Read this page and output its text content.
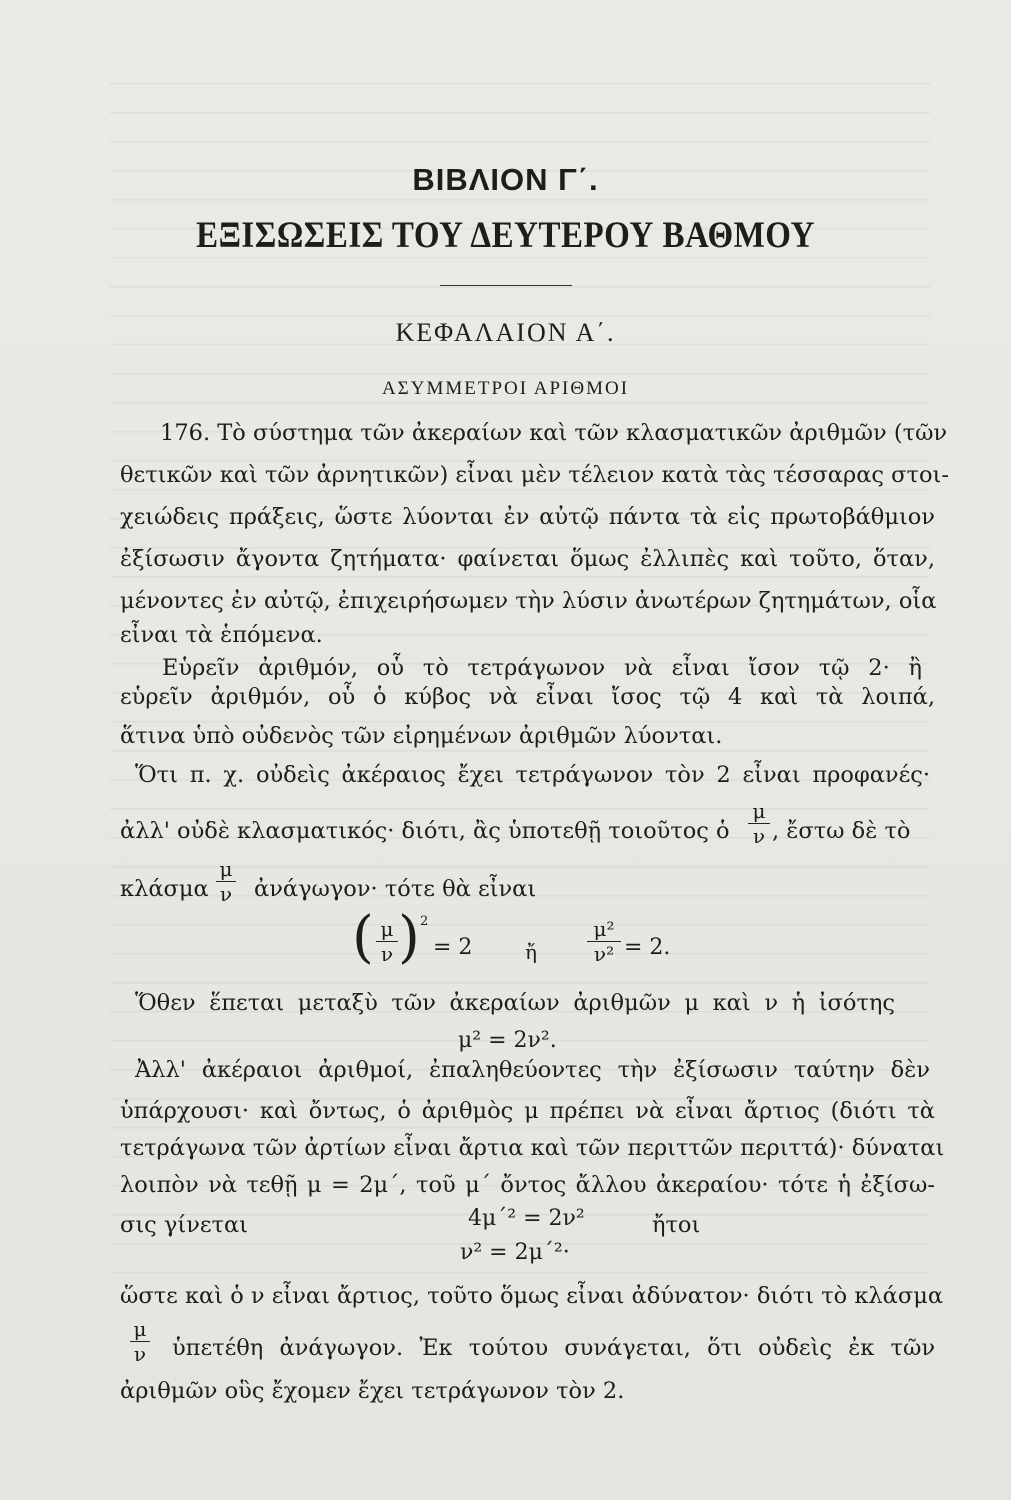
ΒΙΒΛΙΟΝ Γ΄.
ΕΞΙΣΩΣΕΙΣ ΤΟΥ ΔΕΥΤΕΡΟΥ ΒΑΘΜΟΥ
ΚΕΦΑΛΑΙΟΝ Α΄.
ΑΣΥΜΜΕΤΡΟΙ ΑΡΙΘΜΟΙ
176. Τὸ σύστημα τῶν ἀκεραίων καὶ τῶν κλασματικῶν ἀριθμῶν (τῶν
θετικῶν καὶ τῶν ἀρνητικῶν) εἶναι μὲν τέλειον κατὰ τὰς τέσσαρας στοι-
χειώδεις πράξεις, ὥστε λύονται ἐν αὐτῷ πάντα τὰ εἰς πρωτοβάθμιον
ἐξίσωσιν ἄγοντα ζητήματα· φαίνεται ὅμως ἐλλιπὲς καὶ τοῦτο, ὅταν,
μένοντες ἐν αὐτῷ, ἐπιχειρήσωμεν τὴν λύσιν ἀνωτέρων ζητημάτων, οἷα
εἶναι τὰ ἑπόμενα.
Εὑρεῖν ἀριθμόν, οὗ τὸ τετράγωνον νὰ εἶναι ἴσον τῷ 2· ἢ
εὑρεῖν ἀριθμόν, οὗ ὁ κύβος νὰ εἶναι ἴσος τῷ 4 καὶ τὰ λοιπά,
ἅτινα ὑπὸ οὐδενὸς τῶν εἰρημένων ἀριθμῶν λύονται.
Ὅτι π. χ. οὐδεὶς ἀκέραιος ἔχει τετράγωνον τὸν 2 εἶναι προφανές·
ἀλλ' οὐδὲ κλασματικός· διότι, ἂς ὑποτεθῇ τοιοῦτος ὁ
μ
ν , ἔστω δὲ τὸ
κλάσμα
μ
ν ἀνάγωγον· τότε θὰ εἶναι
( μ
ν ) 2
= 2	ἤ
μ²
ν² = 2.
Ὅθεν ἕπεται μεταξὺ τῶν ἀκεραίων ἀριθμῶν μ καὶ ν ἡ ἰσότης
μ² = 2ν².
Ἀλλ' ἀκέραιοι ἀριθμοί, ἐπαληθεύοντες τὴν ἐξίσωσιν ταύτην δὲν
ὑπάρχουσι· καὶ ὄντως, ὁ ἀριθμὸς μ πρέπει νὰ εἶναι ἄρτιος (διότι τὰ
τετράγωνα τῶν ἀρτίων εἶναι ἄρτια καὶ τῶν περιττῶν περιττά)· δύναται
λοιπὸν νὰ τεθῇ μ = 2μ΄, τοῦ μ΄ ὄντος ἄλλου ἀκεραίου· τότε ἡ ἐξίσω-
σις γίνεται	4μ΄² = 2ν²	ἤτοι
ν² = 2μ΄²·
ὥστε καὶ ὁ ν εἶναι ἄρτιος, τοῦτο ὅμως εἶναι ἀδύνατον· διότι τὸ κλάσμα
μ
ν ὑπετέθη ἀνάγωγον. Ἐκ τούτου συνάγεται, ὅτι οὐδεὶς ἐκ τῶν
ἀριθμῶν οὓς ἔχομεν ἔχει τετράγωνον τὸν 2.
